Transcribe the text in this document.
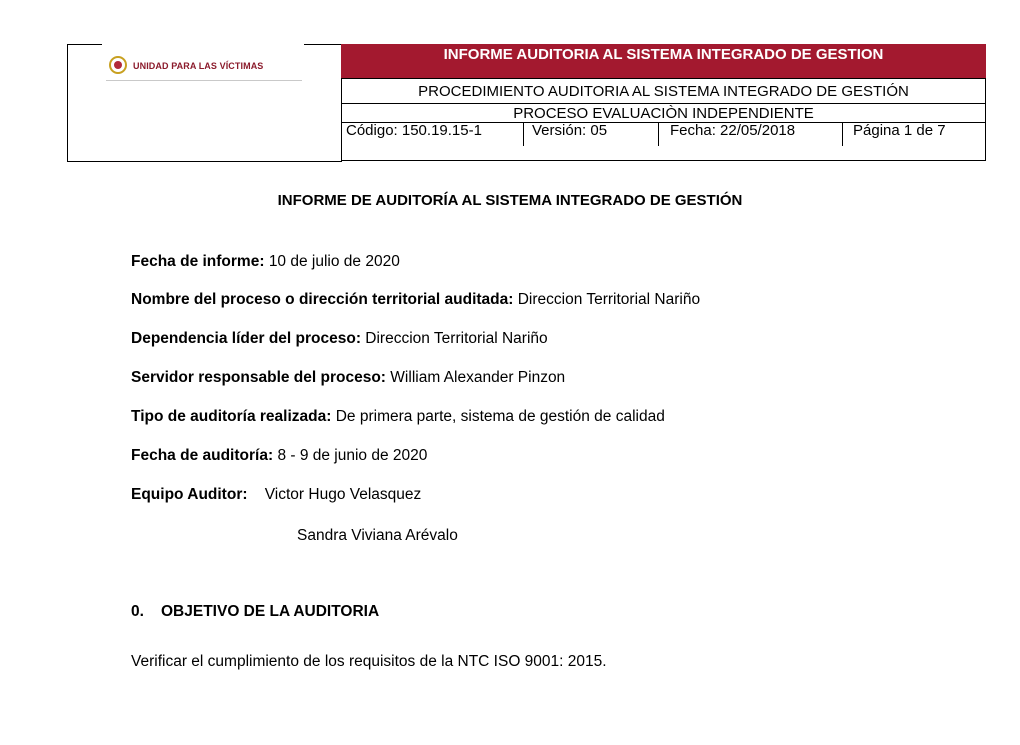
UNIDAD PARA LAS VÍCTIMAS
INFORME AUDITORIA AL SISTEMA INTEGRADO DE GESTION
PROCEDIMIENTO AUDITORIA AL SISTEMA INTEGRADO DE GESTIÓN
PROCESO EVALUACIÒN INDEPENDIENTE
Código: 150.19.15-1	Versión: 05	Fecha: 22/05/2018	Página 1 de 7
INFORME DE AUDITORÍA AL SISTEMA INTEGRADO DE GESTIÓN
Fecha de informe: 10 de julio de 2020
Nombre del proceso o dirección territorial auditada: Direccion Territorial Nariño
Dependencia líder del proceso: Direccion Territorial Nariño
Servidor responsable del proceso: William Alexander Pinzon
Tipo de auditoría realizada: De primera parte, sistema de gestión de calidad
Fecha de auditoría: 8 - 9 de junio de 2020
Equipo Auditor: Victor Hugo Velasquez
Sandra Viviana Arévalo
0. OBJETIVO DE LA AUDITORIA
Verificar el cumplimiento de los requisitos de la NTC ISO 9001: 2015.
